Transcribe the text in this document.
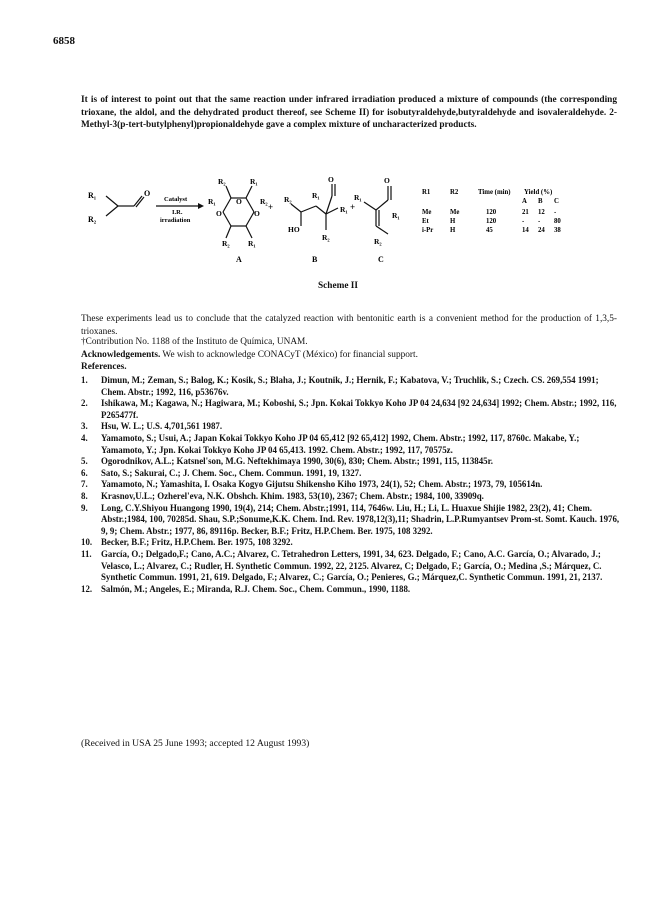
6858
It is of interest to point out that the same reaction under infrared irradiation produced a mixture of compounds (the corresponding trioxane, the aldol, and the dehydrated product thereof, see Scheme II) for isobutyraldehyde,butyraldehyde and isovaleraldehyde. 2-Methyl-3(p-tert-butylphenyl)propionaldehyde gave a complex mixture of uncharacterized products.
R₁
R₂
O
Catalyst
I.R.
irradiation
R₂	R₁
R₁	R₂
O	O
O
R₂ R₁
+
A
R₂	R₁
O
HO
R₁
R₂
+
B
R₁
O
R₁
R₂
C
R1	R2	Time (min) Yield (%)
A B C
Me	Me	120	21 12 -
Et	H	120	- - 80
i-Pr H	45	14 24 38
Scheme II
These experiments lead us to conclude that the catalyzed reaction with bentonitic earth is a convenient method for the production of 1,3,5-trioxanes.
†Contribution No. 1188 of the Instituto de Química, UNAM.
Acknowledgements. We wish to acknowledge CONACyT (México) for financial support.
References.
1. Dimun, M.; Zeman, S.; Balog, K.; Kosik, S.; Blaha, J.; Koutnik, J.; Hernik, F.; Kabatova, V.; Truchlik, S.; Czech. CS. 269,554 1991; Chem. Abstr.; 1992, 116, p53676v.
2. Ishikawa, M.; Kagawa, N.; Hagiwara, M.; Koboshi, S.; Jpn. Kokai Tokkyo Koho JP 04 24,634 [92 24,634] 1992; Chem. Abstr.; 1992, 116, P265477f.
3. Hsu, W. L.; U.S. 4,701,561 1987.
4. Yamamoto, S.; Usui, A.; Japan Kokai Tokkyo Koho JP 04 65,412 [92 65,412] 1992, Chem. Abstr.; 1992, 117, 8760c. Makabe, Y.; Yamamoto, Y.; Jpn. Kokai Tokkyo Koho JP 04 65,413. 1992. Chem. Abstr.; 1992, 117, 70575z.
5. Ogorodnikov, A.L.; Katsnel'son, M.G. Neftekhimaya 1990, 30(6), 830; Chem. Abstr.; 1991, 115, 113845r.
6. Sato, S.; Sakurai, C.; J. Chem. Soc., Chem. Commun. 1991, 19, 1327.
7. Yamamoto, N.; Yamashita, I. Osaka Kogyo Gijutsu Shikensho Kiho 1973, 24(1), 52; Chem. Abstr.; 1973, 79, 105614n.
8. Krasnov,U.L.; Ozherel'eva, N.K. Obshch. Khim. 1983, 53(10), 2367; Chem. Abstr.; 1984, 100, 33909q.
9. Long, C.Y.Shiyou Huangong 1990, 19(4), 214; Chem. Abstr.;1991, 114, 7646w. Liu, H.; Li, L. Huaxue Shijie 1982, 23(2), 41; Chem. Abstr.;1984, 100, 70285d. Shau, S.P.;Sonume,K.K. Chem. Ind. Rev. 1978,12(3),11; Shadrin, L.P.Rumyantsev Prom-st. Somt. Kauch. 1976, 9, 9; Chem. Abstr.; 1977, 86, 89116p. Becker, B.F.; Fritz, H.P.Chem. Ber. 1975, 108 3292.
10. Becker, B.F.; Fritz, H.P.Chem. Ber. 1975, 108 3292.
11. García, O.; Delgado,F.; Cano, A.C.; Alvarez, C. Tetrahedron Letters, 1991, 34, 623. Delgado, F.; Cano, A.C. García, O.; Alvarado, J.; Velasco, L.; Alvarez, C.; Rudler, H. Synthetic Commun. 1992, 22, 2125. Alvarez, C; Delgado, F.; García, O.; Medina ,S.; Márquez, C. Synthetic Commun. 1991, 21, 619. Delgado, F.; Alvarez, C.; García, O.; Penieres, G.; Márquez,C. Synthetic Commun. 1991, 21, 2137.
12. Salmón, M.; Angeles, E.; Miranda, R.J. Chem. Soc., Chem. Commun., 1990, 1188.
(Received in USA 25 June 1993; accepted 12 August 1993)
